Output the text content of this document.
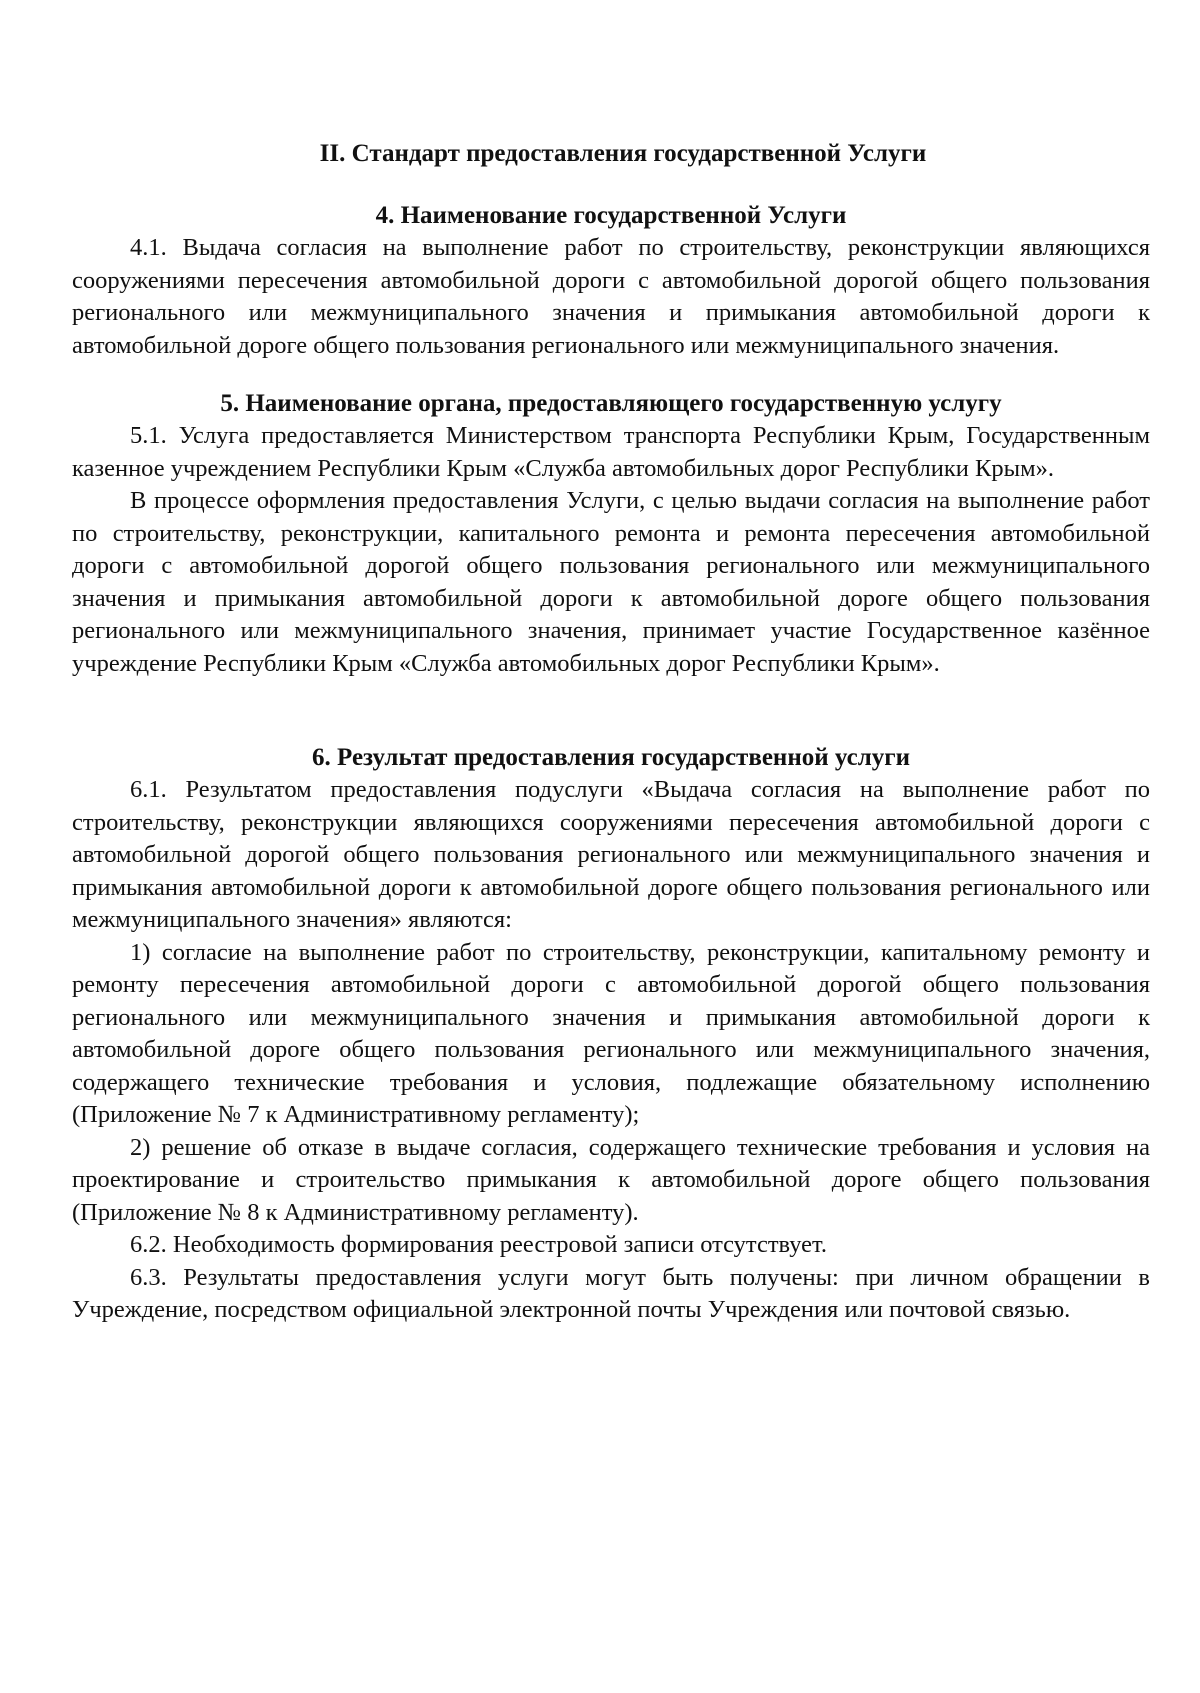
II. Стандарт предоставления государственной Услуги
4. Наименование государственной Услуги

4.1. Выдача согласия на выполнение работ по строительству, реконструкции являющихся сооружениями пересечения автомобильной дороги с автомобильной дорогой общего пользования регионального или межмуниципального значения и примыкания автомобильной дороги к автомобильной дороге общего пользования регионального или межмуниципального значения.

5. Наименование органа, предоставляющего государственную услугу

5.1. Услуга предоставляется Министерством транспорта Республики Крым, Государственным казенное учреждением Республики Крым «Служба автомобильных дорог Республики Крым».

В процессе оформления предоставления Услуги, с целью выдачи согласия на выполнение работ по строительству, реконструкции, капитального ремонта и ремонта пересечения автомобильной дороги с автомобильной дорогой общего пользования регионального или межмуниципального значения и примыкания автомобильной дороги к автомобильной дороге общего пользования регионального или межмуниципального значения, принимает участие Государственное казённое учреждение Республики Крым «Служба автомобильных дорог Республики Крым».

6. Результат предоставления государственной услуги

6.1. Результатом предоставления подуслуги «Выдача согласия на выполнение работ по строительству, реконструкции являющихся сооружениями пересечения автомобильной дороги с автомобильной дорогой общего пользования регионального или межмуниципального значения и примыкания автомобильной дороги к автомобильной дороге общего пользования регионального или межмуниципального значения» являются:

1) согласие на выполнение работ по строительству, реконструкции, капитальному ремонту и ремонту пересечения автомобильной дороги с автомобильной дорогой общего пользования регионального или межмуниципального значения и примыкания автомобильной дороги к автомобильной дороге общего пользования регионального или межмуниципального значения, содержащего технические требования и условия, подлежащие обязательному исполнению (Приложение № 7 к Административному регламенту);

2) решение об отказе в выдаче согласия, содержащего технические требования и условия на проектирование и строительство примыкания к автомобильной дороге общего пользования (Приложение № 8 к Административному регламенту).

6.2. Необходимость формирования реестровой записи отсутствует.

6.3. Результаты предоставления услуги могут быть получены: при личном обращении в Учреждение, посредством официальной электронной почты Учреждения или почтовой связью.
